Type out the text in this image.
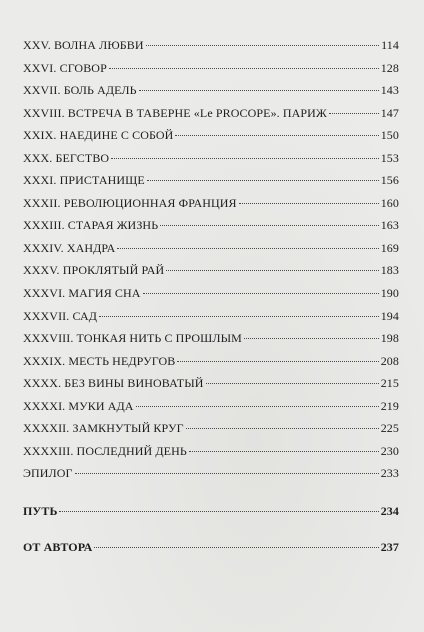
XXV. ВОЛНА ЛЮБВИ	114
XXVI. СГОВОР	128
XXVII. БОЛЬ АДЕЛЬ	143
XXVIII. ВСТРЕЧА В ТАВЕРНЕ «Le PROCOPE». ПАРИЖ	147
XXIX. НАЕДИНЕ С СОБОЙ	150
XXX. БЕГСТВО	153
XXXI. ПРИСТАНИЩЕ	156
XXXII. РЕВОЛЮЦИОННАЯ ФРАНЦИЯ	160
XXXIII. СТАРАЯ ЖИЗНЬ	163
XXXIV. ХАНДРА	169
XXXV. ПРОКЛЯТЫЙ РАЙ	183
XXXVI. МАГИЯ СНА	190
XXXVII. САД	194
XXXVIII. ТОНКАЯ НИТЬ С ПРОШЛЫМ	198
XXXIX. МЕСТЬ НЕДРУГОВ	208
XXXX. БЕЗ ВИНЫ ВИНОВАТЫЙ	215
XXXXI. МУКИ АДА	219
XXXXII. ЗАМКНУТЫЙ КРУГ	225
XXXXIII. ПОСЛЕДНИЙ ДЕНЬ	230
ЭПИЛОГ	233
ПУТЬ	234
ОТ АВТОРА	237
